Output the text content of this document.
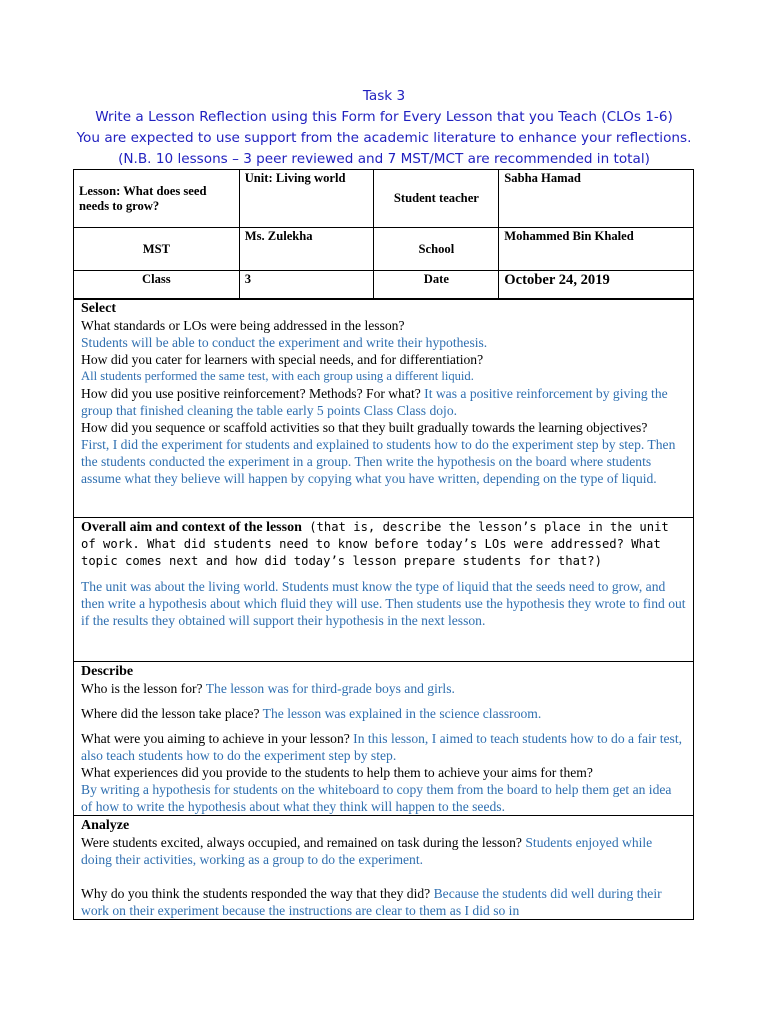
Task 3
Write a Lesson Reflection using this Form for Every Lesson that you Teach (CLOs 1-6)
You are expected to use support from the academic literature to enhance your reflections.
(N.B. 10 lessons – 3 peer reviewed and 7 MST/MCT are recommended in total)
Lesson: What does seed needs to grow?	Unit: Living world	Student teacher	Sabha Hamad
MST	Ms. Zulekha	School	Mohammed Bin Khaled
Class	3	Date	October 24, 2019

Select

What standards or LOs were being addressed in the lesson?

Students will be able to conduct the experiment and write their hypothesis.

How did you cater for learners with special needs, and for differentiation?

All students performed the same test, with each group using a different liquid.

How did you use positive reinforcement? Methods? For what? It was a positive reinforcement by giving the group that finished cleaning the table early 5 points Class Class dojo.

How did you sequence or scaffold activities so that they built gradually towards the learning objectives?

First, I did the experiment for students and explained to students how to do the experiment step by step. Then the students conducted the experiment in a group. Then write the hypothesis on the board where students assume what they believe will happen by copying what you have written, depending on the type of liquid.

Overall aim and context of the lesson (that is, describe the lesson’s place in the unit of work. What did students need to know before today’s LOs were addressed? What topic comes next and how did today’s lesson prepare students for that?)

The unit was about the living world. Students must know the type of liquid that the seeds need to grow, and then write a hypothesis about which fluid they will use. Then students use the hypothesis they wrote to find out if the results they obtained will support their hypothesis in the next lesson.

Describe

Who is the lesson for? The lesson was for third-grade boys and girls.

Where did the lesson take place? The lesson was explained in the science classroom.

What were you aiming to achieve in your lesson? In this lesson, I aimed to teach students how to do a fair test, also teach students how to do the experiment step by step.

What experiences did you provide to the students to help them to achieve your aims for them?

By writing a hypothesis for students on the whiteboard to copy them from the board to help them get an idea of how to write the hypothesis about what they think will happen to the seeds.

Analyze

Were students excited, always occupied, and remained on task during the lesson? Students enjoyed while doing their activities, working as a group to do the experiment.

Why do you think the students responded the way that they did? Because the students did well during their work on their experiment because the instructions are clear to them as I did so in
